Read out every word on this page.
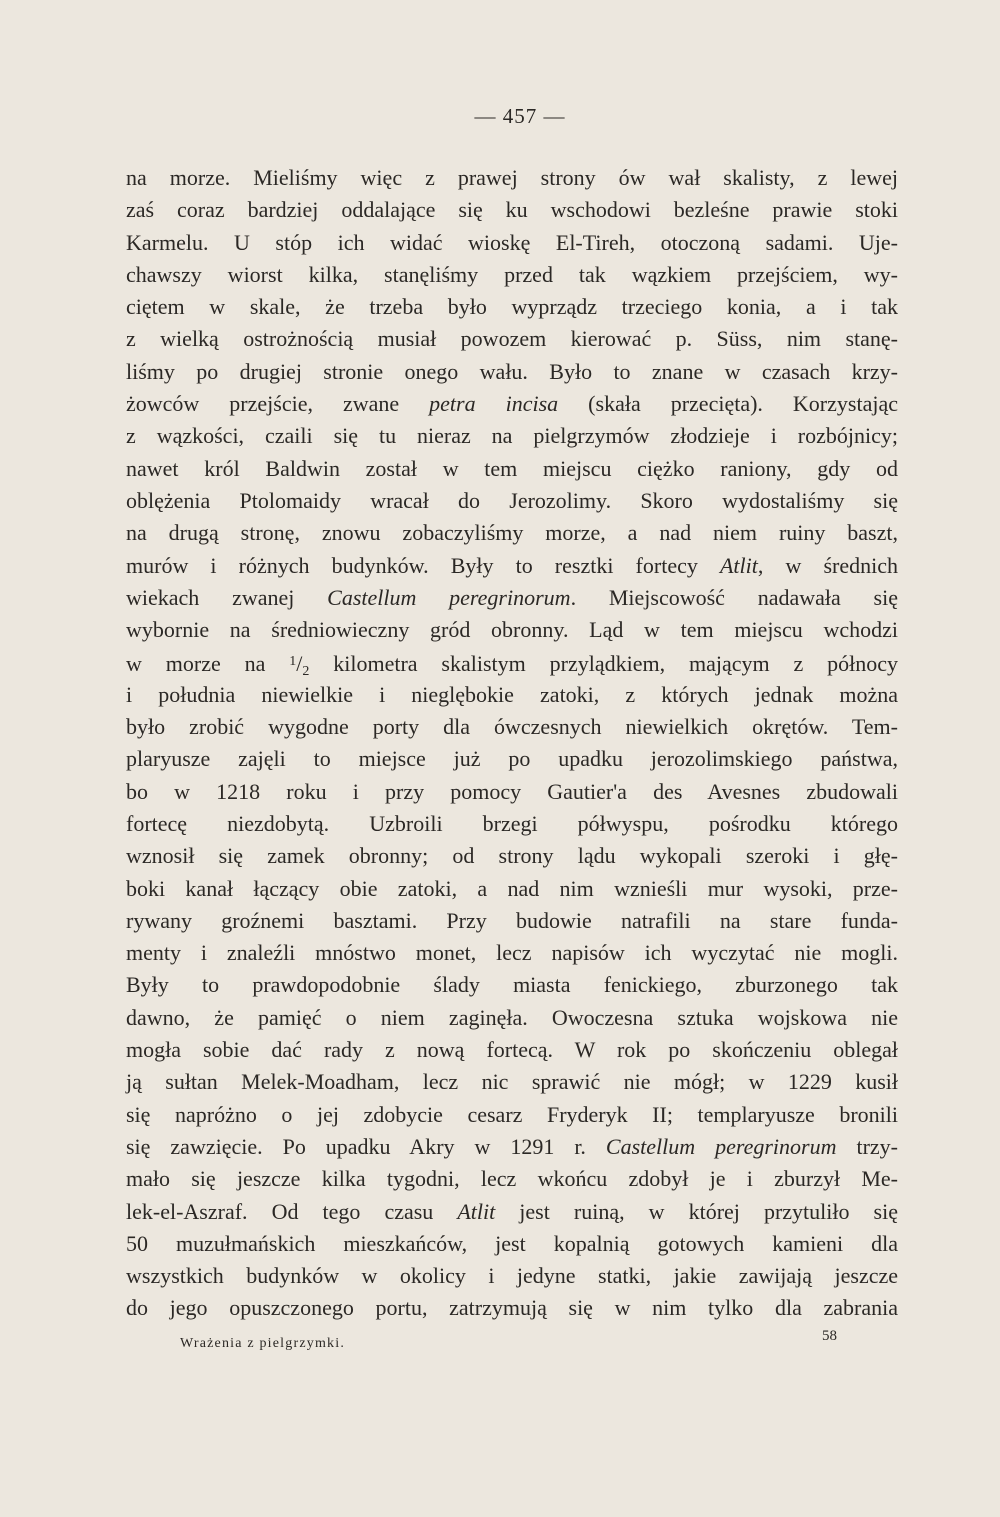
— 457 —
na morze. Mieliśmy więc z prawej strony ów wał skalisty, z lewej
zaś coraz bardziej oddalające się ku wschodowi bezleśne prawie stoki
Karmelu. U stóp ich widać wioskę El-Tireh, otoczoną sadami. Uje-
chawszy wiorst kilka, stanęliśmy przed tak wązkiem przejściem, wy-
ciętem w skale, że trzeba było wyprządz trzeciego konia, a i tak
z wielką ostrożnością musiał powozem kierować p. Süss, nim stanę-
liśmy po drugiej stronie onego wału. Było to znane w czasach krzy-
żowców przejście, zwane petra incisa (skała przecięta). Korzystając
z wązkości, czaili się tu nieraz na pielgrzymów złodzieje i rozbójnicy;
nawet król Baldwin został w tem miejscu ciężko raniony, gdy od
oblężenia Ptolomaidy wracał do Jerozolimy. Skoro wydostaliśmy się
na drugą stronę, znowu zobaczyliśmy morze, a nad niem ruiny baszt,
murów i różnych budynków. Były to resztki fortecy Atlit, w średnich
wiekach zwanej Castellum peregrinorum. Miejscowość nadawała się
wybornie na średniowieczny gród obronny. Ląd w tem miejscu wchodzi
w morze na $^1/_2$ kilometra skalistym przylądkiem, mającym z północy
i południa niewielkie i nieglębokie zatoki, z których jednak można
było zrobić wygodne porty dla ówczesnych niewielkich okrętów. Tem-
plaryusze zajęli to miejsce już po upadku jerozolimskiego państwa,
bo w 1218 roku i przy pomocy Gautier'a des Avesnes zbudowali
fortecę niezdobytą. Uzbroili brzegi półwyspu, pośrodku którego
wznosił się zamek obronny; od strony lądu wykopali szeroki i głę-
boki kanał łączący obie zatoki, a nad nim wznieśli mur wysoki, prze-
rywany groźnemi basztami. Przy budowie natrafili na stare funda-
menty i znaleźli mnóstwo monet, lecz napisów ich wyczytać nie mogli.
Były to prawdopodobnie ślady miasta fenickiego, zburzonego tak
dawno, że pamięć o niem zaginęła. Owoczesna sztuka wojskowa nie
mogła sobie dać rady z nową fortecą. W rok po skończeniu oblegał
ją sułtan Melek-Moadham, lecz nic sprawić nie mógł; w 1229 kusił
się napróżno o jej zdobycie cesarz Fryderyk II; templaryusze bronili
się zawzięcie. Po upadku Akry w 1291 r. Castellum peregrinorum trzy-
mało się jeszcze kilka tygodni, lecz wkońcu zdobył je i zburzył Me-
lek-el-Aszraf. Od tego czasu Atlit jest ruiną, w której przytuliło się
50 muzułmańskich mieszkańców, jest kopalnią gotowych kamieni dla
wszystkich budynków w okolicy i jedyne statki, jakie zawijają jeszcze
do jego opuszczonego portu, zatrzymują się w nim tylko dla zabrania
Wrażenia z pielgrzymki.	58
